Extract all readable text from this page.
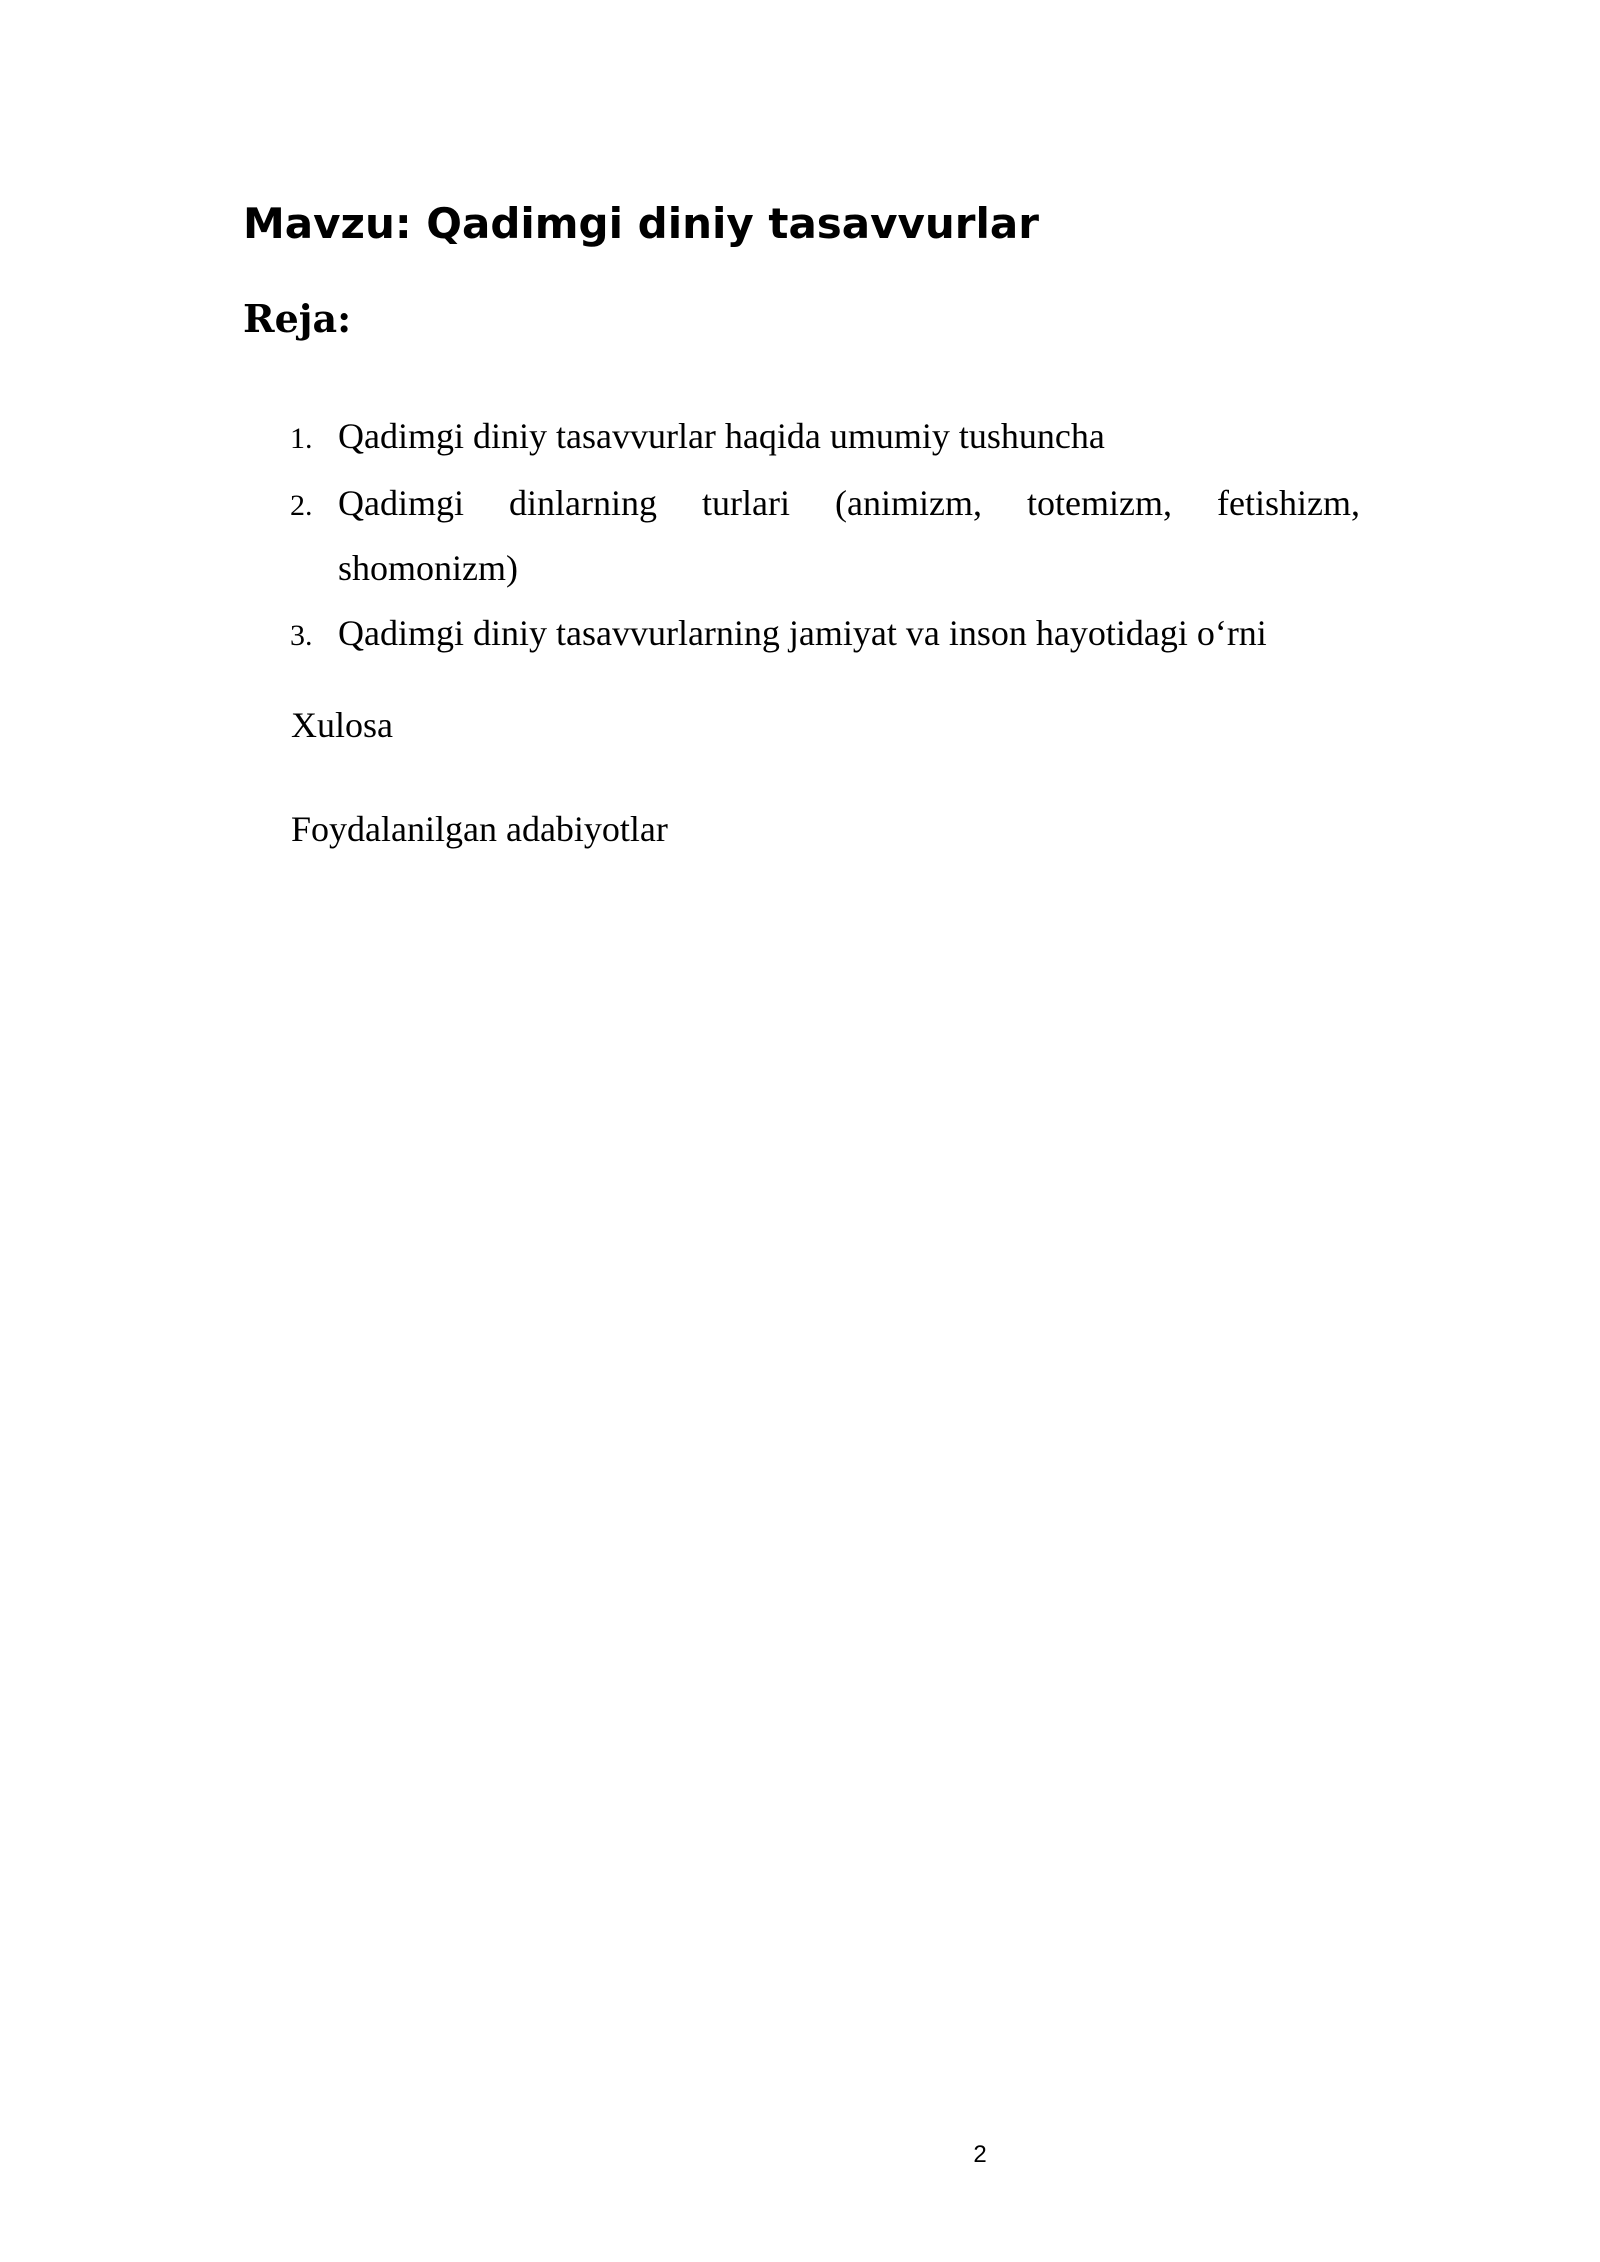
Mavzu: Qadimgi diniy tasavvurlar
Reja:
1. Qadimgi diniy tasavvurlar haqida umumiy tushuncha
2. Qadimgi dinlarning turlari (animizm, totemizm, fetishizm, shomonizm)
3. Qadimgi diniy tasavvurlarning jamiyat va inson hayotidagi o‘rni

Xulosa

Foydalanilgan adabiyotlar

2
